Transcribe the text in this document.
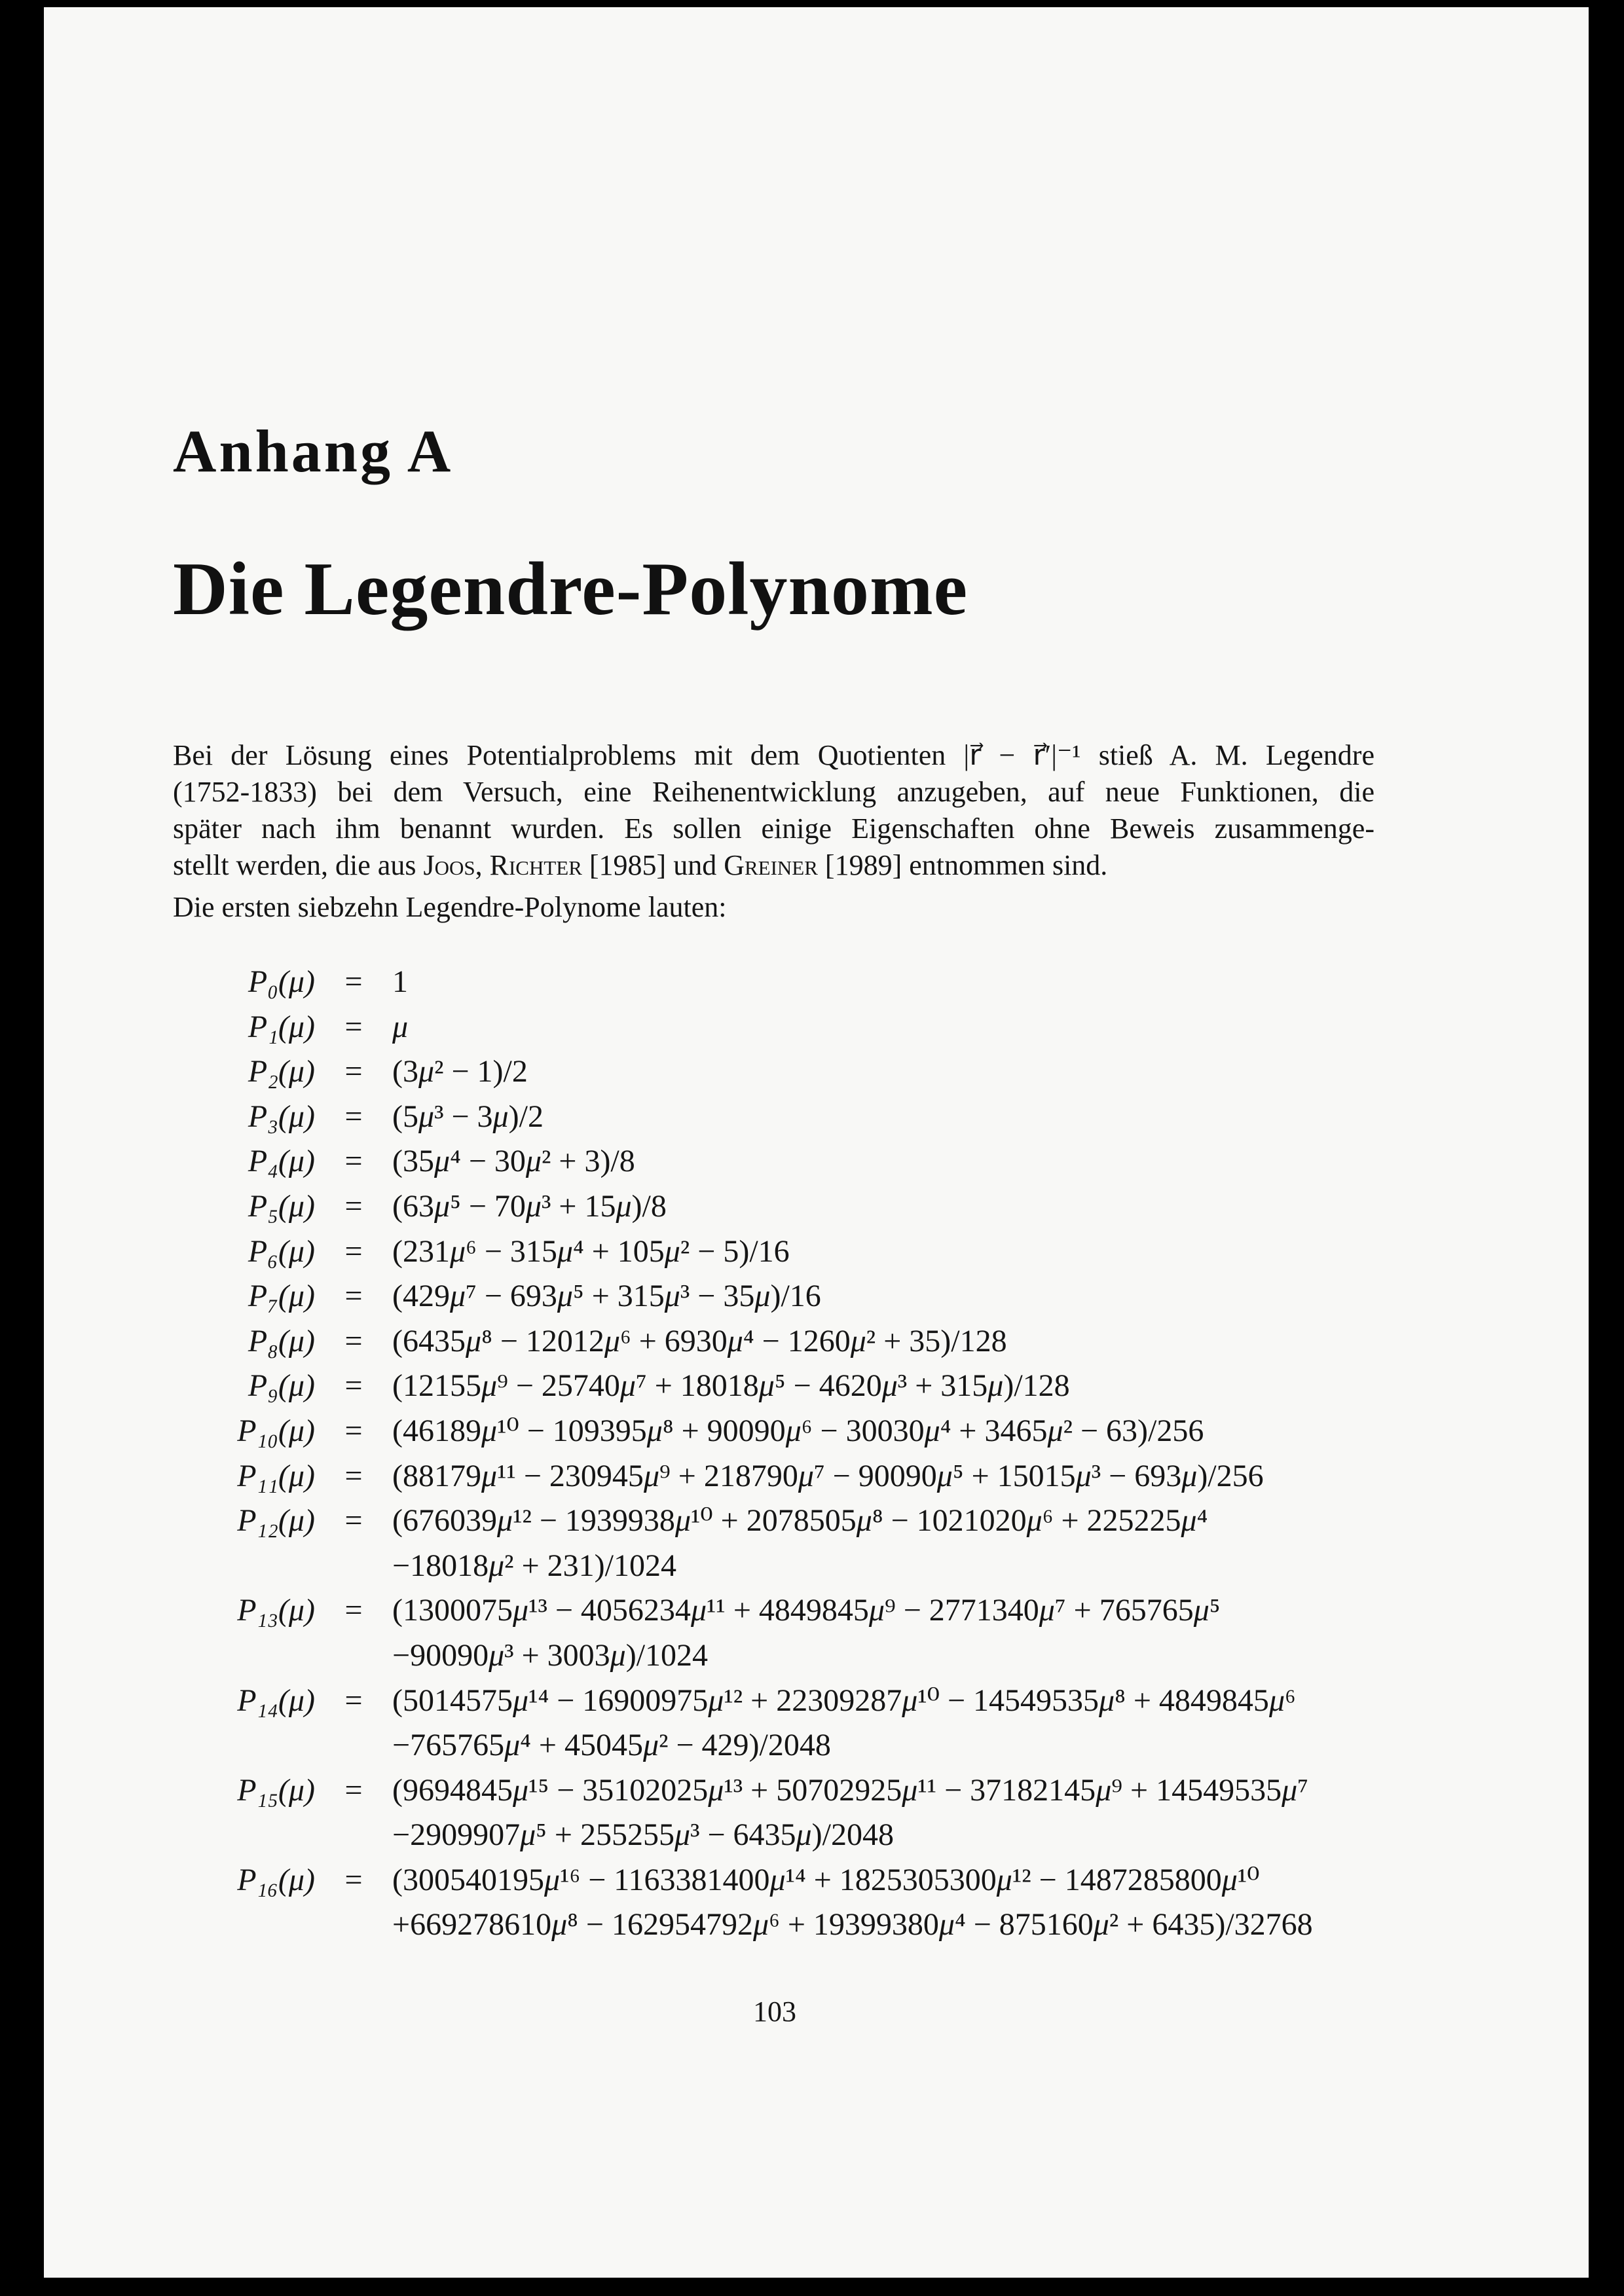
Anhang A
Die Legendre-Polynome
Bei der Lösung eines Potentialproblems mit dem Quotienten |r⃗ − r⃗′|⁻¹ stieß A. M. Legendre
(1752-1833) bei dem Versuch, eine Reihenentwicklung anzugeben, auf neue Funktionen, die
später nach ihm benannt wurden. Es sollen einige Eigenschaften ohne Beweis zusammenge-
stellt werden, die aus Joos, Richter [1985] und Greiner [1989] entnommen sind.
Die ersten siebzehn Legendre-Polynome lauten:
P₀(μ) = 1
P₁(μ) = μ
P₂(μ) = (3μ² − 1)/2
P₃(μ) = (5μ³ − 3μ)/2
P₄(μ) = (35μ⁴ − 30μ² + 3)/8
P₅(μ) = (63μ⁵ − 70μ³ + 15μ)/8
P₆(μ) = (231μ⁶ − 315μ⁴ + 105μ² − 5)/16
P₇(μ) = (429μ⁷ − 693μ⁵ + 315μ³ − 35μ)/16
P₈(μ) = (6435μ⁸ − 12012μ⁶ + 6930μ⁴ − 1260μ² + 35)/128
P₉(μ) = (12155μ⁹ − 25740μ⁷ + 18018μ⁵ − 4620μ³ + 315μ)/128
P₁₀(μ) = (46189μ¹⁰ − 109395μ⁸ + 90090μ⁶ − 30030μ⁴ + 3465μ² − 63)/256
P₁₁(μ) = (88179μ¹¹ − 230945μ⁹ + 218790μ⁷ − 90090μ⁵ + 15015μ³ − 693μ)/256
P₁₂(μ) = (676039μ¹² − 1939938μ¹⁰ + 2078505μ⁸ − 1021020μ⁶ + 225225μ⁴
−18018μ² + 231)/1024
P₁₃(μ) = (1300075μ¹³ − 4056234μ¹¹ + 4849845μ⁹ − 2771340μ⁷ + 765765μ⁵
−90090μ³ + 3003μ)/1024
P₁₄(μ) = (5014575μ¹⁴ − 16900975μ¹² + 22309287μ¹⁰ − 14549535μ⁸ + 4849845μ⁶
−765765μ⁴ + 45045μ² − 429)/2048
P₁₅(μ) = (9694845μ¹⁵ − 35102025μ¹³ + 50702925μ¹¹ − 37182145μ⁹ + 14549535μ⁷
−2909907μ⁵ + 255255μ³ − 6435μ)/2048
P₁₆(μ) = (300540195μ¹⁶ − 1163381400μ¹⁴ + 1825305300μ¹² − 1487285800μ¹⁰
+669278610μ⁸ − 162954792μ⁶ + 19399380μ⁴ − 875160μ² + 6435)/32768
103
